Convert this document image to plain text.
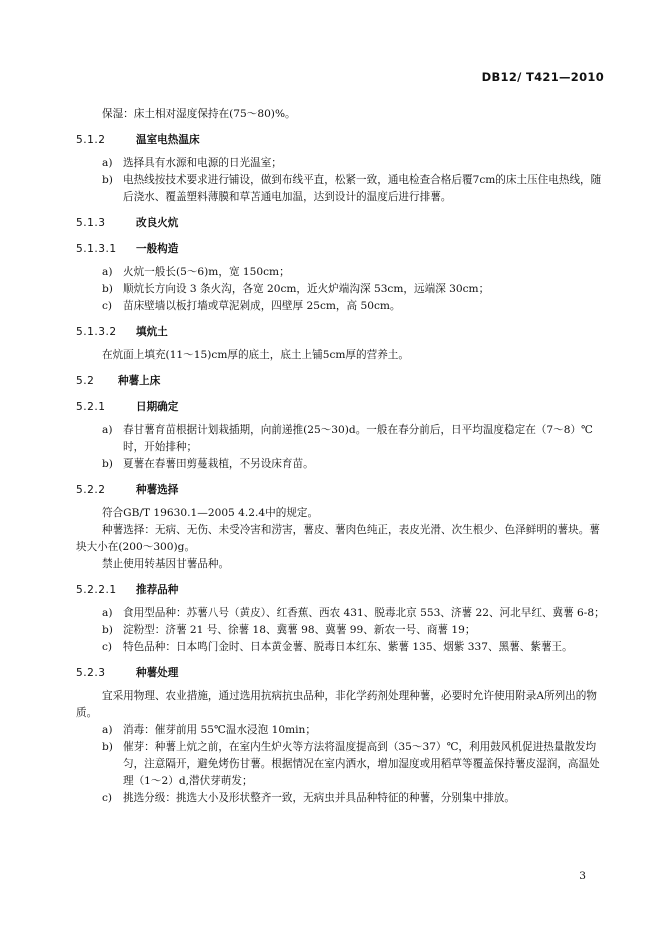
DB12/ T421—2010

保湿：床土相对湿度保持在(75～80)%。

5.1.2	温室电热温床

a) 选择具有水源和电源的日光温室；
b) 电热线按技术要求进行铺设，做到布线平直，松紧一致，通电检查合格后覆7cm的床土压住电热线，随后浇水、覆盖塑料薄膜和草苫通电加温，达到设计的温度后进行排薯。

5.1.3	改良火炕

5.1.3.1 一般构造

a) 火炕一般长(5～6)m，宽 150cm；
b) 顺炕长方向设 3 条火沟，各宽 20cm，近火炉端沟深 53cm，远端深 30cm；
c)	苗床壁墙以板打墙或草泥剁成，四壁厚 25cm，高 50cm。

5.1.3.2 填炕土

在炕面上填充(11～15)cm厚的底土，底土上铺5cm厚的营养土。

5.2 种薯上床

5.2.1	日期确定

a) 春甘薯育苗根据计划栽插期，向前递推(25～30)d。一般在春分前后，日平均温度稳定在（7～8）℃时，开始排种；
b) 夏薯在春薯田剪蔓栽植，不另设床育苗。

5.2.2	种薯选择

符合GB/T 19630.1—2005 4.2.4中的规定。

种薯选择：无病、无伤、未受冷害和涝害，薯皮、薯肉色纯正，表皮光滑、次生根少、色泽鲜明的薯块。薯块大小在(200～300)g。

禁止使用转基因甘薯品种。

5.2.2.1 推荐品种

a) 食用型品种：苏薯八号（黄皮）、红香蕉、西农 431、脱毒北京 553、济薯 22、河北早红、冀薯 6-8；
b) 淀粉型：济薯 21 号、徐薯 18、冀薯 98、冀薯 99、新农一号、商薯 19；
c)	特色品种：日本鸣门金时、日本黄金薯、脱毒日本红东、紫薯 135、烟紫 337、黑薯、紫薯王。

5.2.3	种薯处理

宜采用物理、农业措施，通过选用抗病抗虫品种，非化学药剂处理种薯，必要时允许使用附录A所列出的物质。

a) 消毒：催芽前用 55℃温水浸泡 10min；
b) 催芽：种薯上炕之前，在室内生炉火等方法将温度提高到（35～37）℃，利用鼓风机促进热量散发均匀，注意隔开，避免烤伤甘薯。根据情况在室内洒水，增加湿度或用稻草等覆盖保持薯皮湿润，高温处理（1～2）d,潜伏芽萌发；
c)	挑选分级：挑选大小及形状整齐一致，无病虫并具品种特征的种薯，分别集中排放。
3
